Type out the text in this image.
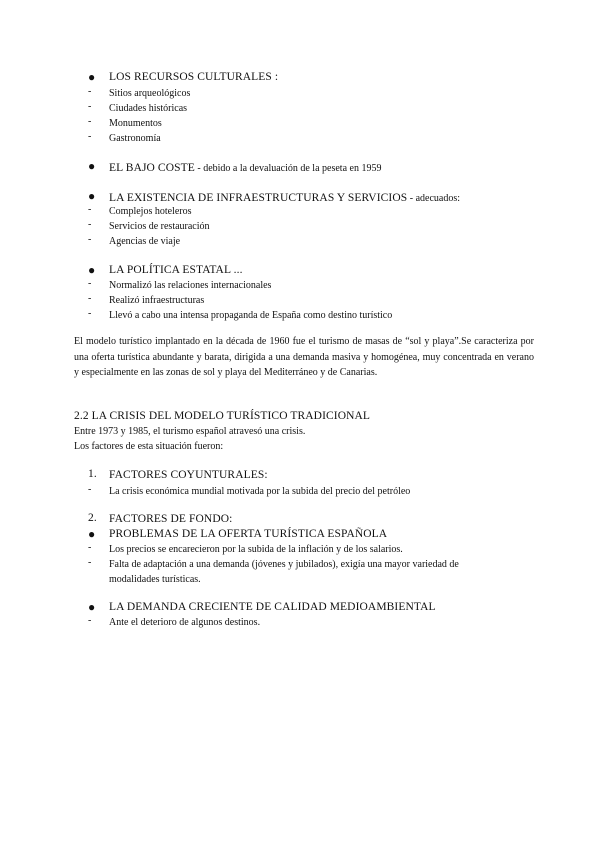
●	LOS RECURSOS CULTURALES :
-	Sitios arqueológicos
-	Ciudades históricas
-	Monumentos
-	Gastronomía
●	EL BAJO COSTE - debido a la devaluación de la peseta en 1959
●	LA EXISTENCIA DE INFRAESTRUCTURAS Y SERVICIOS - adecuados:
-	Complejos hoteleros
-	Servicios de restauración
-	Agencias de viaje
●	LA POLÍTICA ESTATAL ...
-	Normalizó las relaciones internacionales
-	Realizó infraestructuras
-	Llevó a cabo una intensa propaganda de España como destino turístico
El modelo turístico implantado en la década de 1960 fue el turismo de masas de “sol y playa”.Se caracteriza por una oferta turística abundante y barata, dirigida a una demanda masiva y homogénea, muy concentrada en verano y especialmente en las zonas de sol y playa del Mediterráneo y de Canarias.
2.2 LA CRISIS DEL MODELO TURÍSTICO TRADICIONAL
Entre 1973 y 1985, el turismo español atravesó una crisis.
Los factores de esta situación fueron:
1.	FACTORES COYUNTURALES:
-	La crisis económica mundial motivada por la subida del precio del petróleo
2.	FACTORES DE FONDO:
●	PROBLEMAS DE LA OFERTA TURÍSTICA ESPAÑOLA
-	Los precios se encarecieron por la subida de la inflación y de los salarios.
-	Falta de adaptación a una demanda (jóvenes y jubilados), exigía una mayor variedad de
modalidades turísticas.
●	LA DEMANDA CRECIENTE DE CALIDAD MEDIOAMBIENTAL
-	Ante el deterioro de algunos destinos.
